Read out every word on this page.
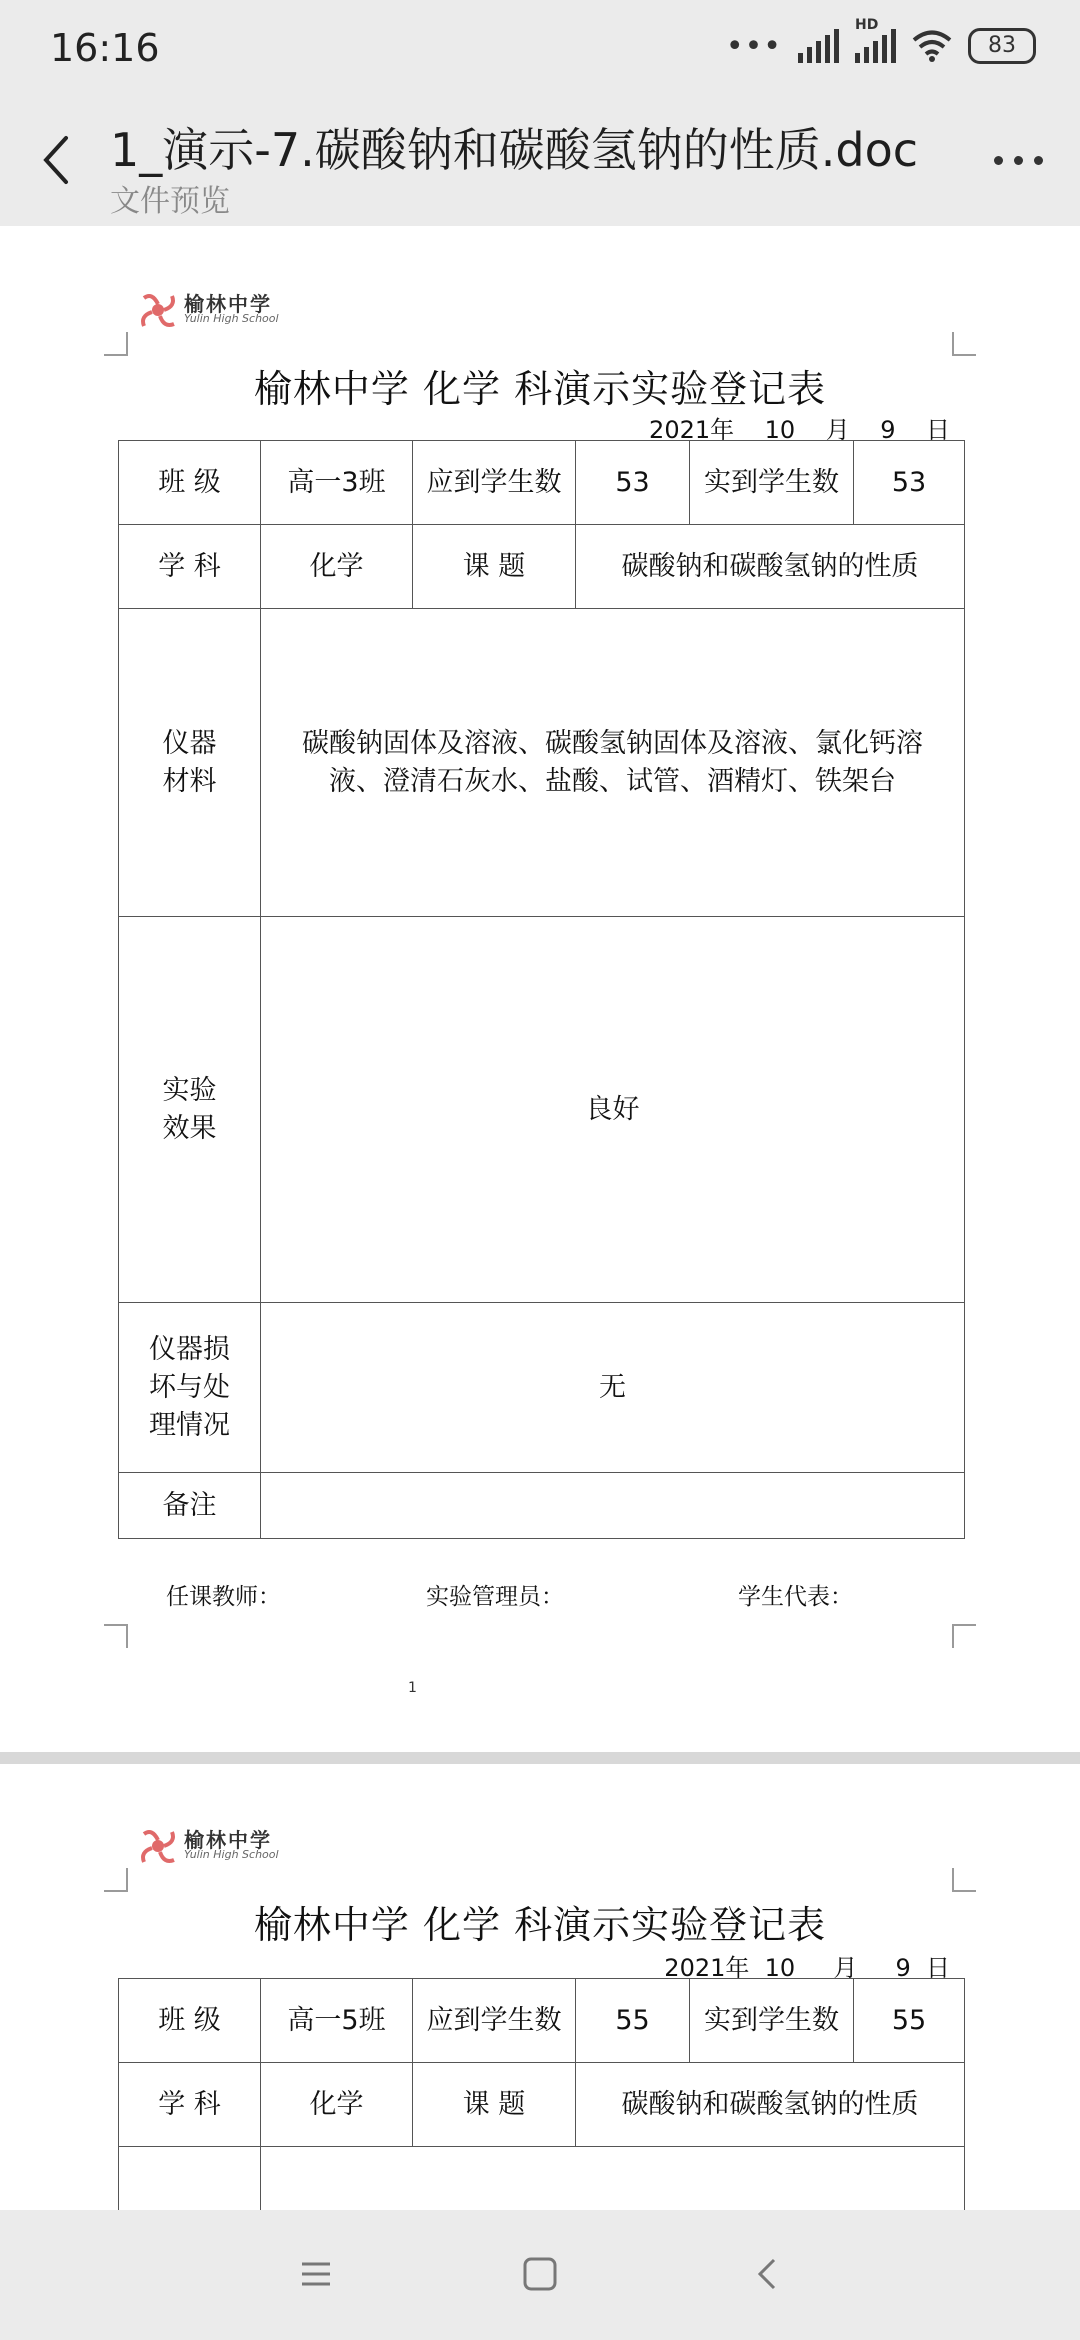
16:16	•••
HD
83
1_演示-7.碳酸钠和碳酸氢钠的性质.doc
文件预览
榆林中学
Yulin High School
榆林中学 化学 科演示实验登记表
2021年    10    月    9    日
班 级	高一3班	应到学生数	53	实到学生数	53
学 科	化学	课 题	碳酸钠和碳酸氢钠的性质		
仪器
材料	碳酸钠固体及溶液、碳酸氢钠固体及溶液、氯化钙溶液、澄清石灰水、盐酸、试管、酒精灯、铁架台				
实验
效果	良好				
仪器损
坏与处
理情况	无				
备注					
任课教师：	实验管理员：	学生代表：
1
榆林中学
Yulin High School
榆林中学 化学 科演示实验登记表
2021年  10     月     9  日
班 级	高一5班	应到学生数	55	实到学生数	55
学 科	化学	课 题	碳酸钠和碳酸氢钠的性质		
